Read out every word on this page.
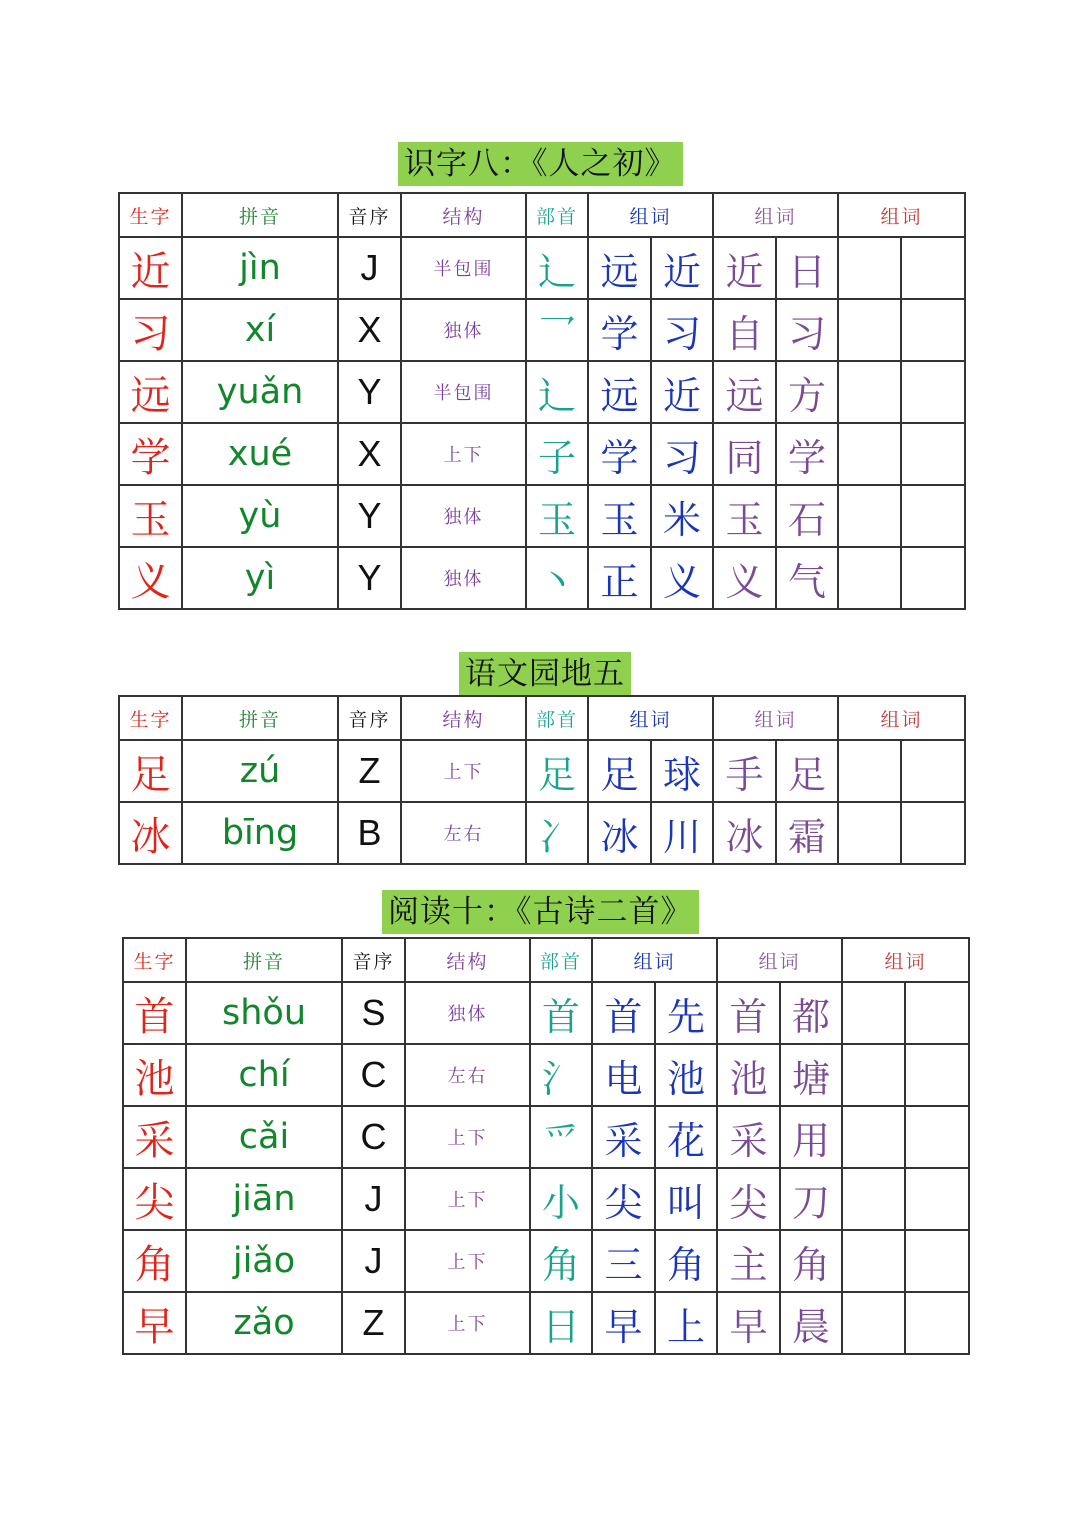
识字八：《人之初》
生字	拼音	音序	结构	部首	组词		组词		组词	
近	jìn	J	半包围	辶	远	近	近	日		
习	xí	X	独体	乛	学	习	自	习		
远	yuǎn	Y	半包围	辶	远	近	远	方		
学	xué	X	上下	子	学	习	同	学		
玉	yù	Y	独体	玉	玉	米	玉	石		
义	yì	Y	独体	丶	正	义	义	气		
语文园地五
生字	拼音	音序	结构	部首	组词		组词		组词	
足	zú	Z	上下	足	足	球	手	足		
冰	bīng	B	左右	冫	冰	川	冰	霜		
阅读十：《古诗二首》
生字	拼音	音序	结构	部首	组词		组词		组词	
首	shǒu	S	独体	首	首	先	首	都		
池	chí	C	左右	氵	电	池	池	塘		
采	cǎi	C	上下	爫	采	花	采	用		
尖	jiān	J	上下	小	尖	叫	尖	刀		
角	jiǎo	J	上下	角	三	角	主	角		
早	zǎo	Z	上下	日	早	上	早	晨		
